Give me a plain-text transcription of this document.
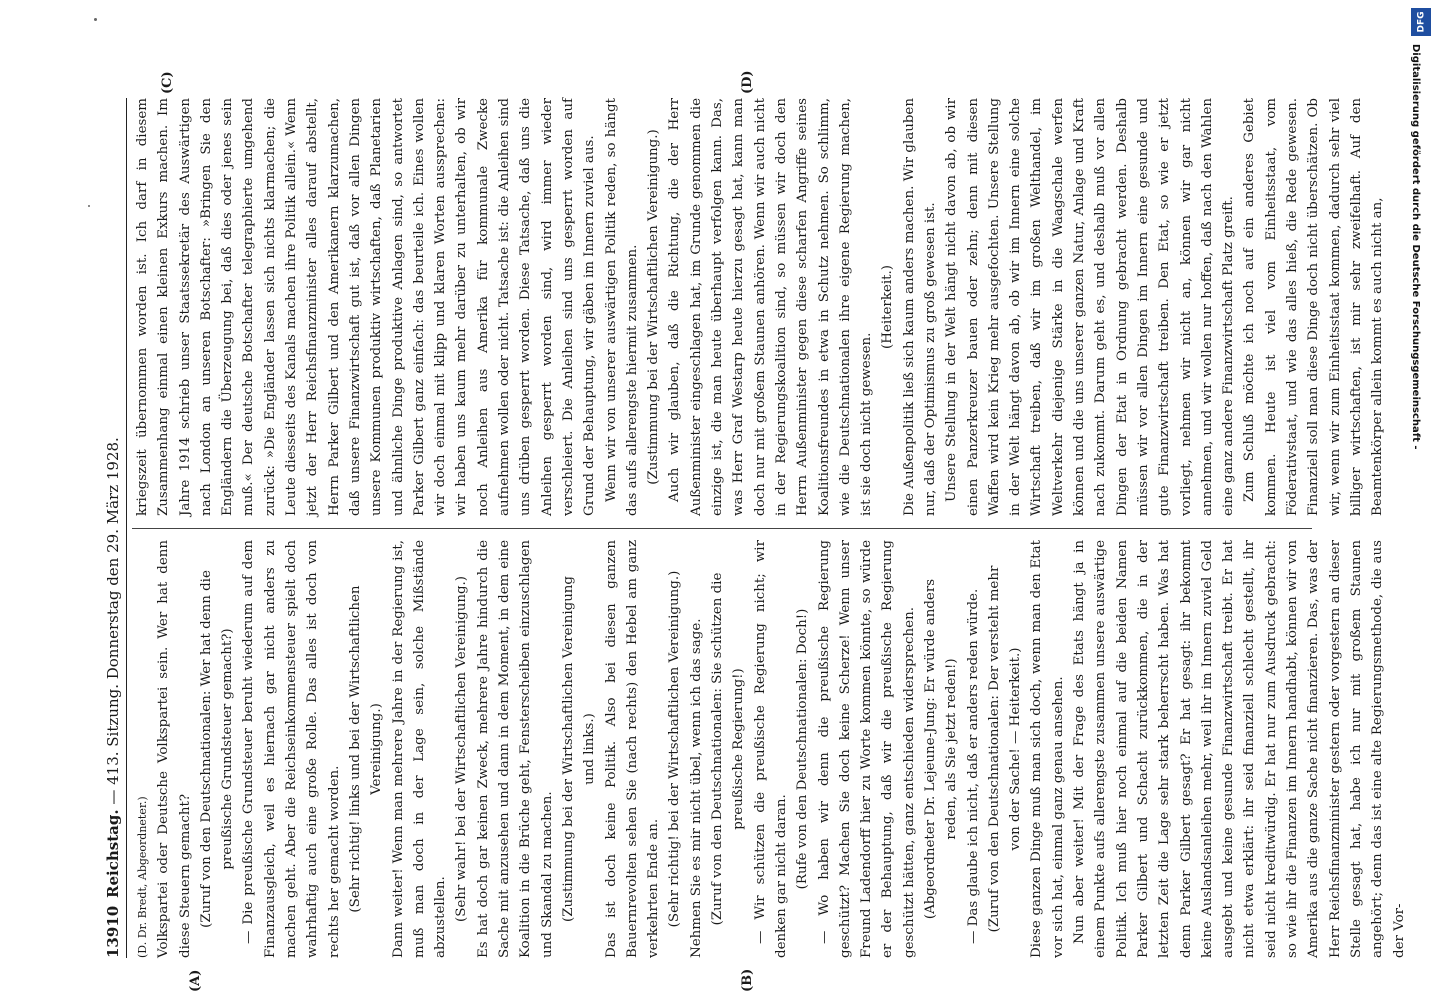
13910
Reichstag. — 413. Sitzung. Donnerstag den 29. März 1928.

(D. Dr. Bredt, Abgeordneter.) Volkspartei oder Deutsche Volkspartei sein. Wer hat denn diese Steuern gemacht? (Zuruf von den Deutschnationalen: Wer hat denn die preußische Grundsteuer gemacht?) — Die preußische Grundsteuer beruht wiederum auf dem Finanzausgleich, weil es hiernach gar nicht anders zu machen geht. Aber die Reichseinkommensteuer spielt doch wahrhaftig auch eine große Rolle. Das alles ist doch von rechts her gemacht worden. (Sehr richtig! links und bei der Wirtschaftlichen Vereinigung.) Dann weiter! Wenn man mehrere Jahre in der Regierung ist, muß man doch in der Lage sein, solche Mißstände abzustellen. (Sehr wahr! bei der Wirtschaftlichen Vereinigung.) Es hat doch gar keinen Zweck, mehrere Jahre hindurch die Sache mit anzusehen und dann in dem Moment, in dem eine Koalition in die Brüche geht, Fensterscheiben einzuschlagen und Skandal zu machen. (Zustimmung bei der Wirtschaftlichen Vereinigung und links.) Das ist doch keine Politik. Also bei diesen ganzen Bauernrevolten sehen Sie (nach rechts) den Hebel am ganz verkehrten Ende an. (Sehr richtig! bei der Wirtschaftlichen Vereinigung.) Nehmen Sie es mir nicht übel, wenn ich das sage. (Zuruf von den Deutschnationalen: Sie schützen die preußische Regierung!) — Wir schützen die preußische Regierung nicht; wir denken gar nicht daran. (Rufe von den Deutschnationalen: Doch!) — Wo haben wir denn die preußische Regierung geschützt? Machen Sie doch keine Scherze! Wenn unser Freund Ladendorff hier zu Worte kommen könnte, so würde er der Behauptung, daß wir die preußische Regierung geschützt hätten, ganz entschieden widersprechen. (Abgeordneter Dr. Lejeune-Jung: Er würde anders reden, als Sie jetzt reden!) — Das glaube ich nicht, daß er anders reden würde. (Zuruf von den Deutschnationalen: Der versteht mehr von der Sache! — Heiterkeit.) Diese ganzen Dinge muß man sich doch, wenn man den Etat vor sich hat, einmal ganz genau ansehen. Nun aber weiter! Mit der Frage des Etats hängt ja in einem Punkte aufs allerengste zusammen unsere auswärtige Politik. Ich muß hier noch einmal auf die beiden Namen Parker Gilbert und Schacht zurückkommen, die in der letzten Zeit die Lage sehr stark beherrscht haben. Was hat denn Parker Gilbert gesagt? Er hat gesagt: ihr bekommt keine Auslandsanleihen mehr, weil ihr im Innern zuviel Geld ausgebt und keine gesunde Finanzwirtschaft treibt. Er hat nicht etwa erklärt: ihr seid finanziell schlecht gestellt, ihr seid nicht kreditwürdig. Er hat nur zum Ausdruck gebracht: so wie ihr die Finanzen im Innern handhabt, können wir von Amerika aus die ganze Sache nicht finanzieren. Das, was der Herr Reichsfinanzminister gestern oder vorgestern an dieser Stelle gesagt hat, habe ich nur mit großem Staunen angehört; denn das ist eine alte Regierungsmethode, die aus der Vor-

kriegszeit übernommen worden ist. Ich darf in diesem Zusammenhang einmal einen kleinen Exkurs machen. Im Jahre 1914 schrieb unser Staatssekretär des Auswärtigen nach London an unseren Botschafter: »Bringen Sie den Engländern die Überzeugung bei, daß dies oder jenes sein muß.« Der deutsche Botschafter telegraphierte umgehend zurück: »Die Engländer lassen sich nichts klarmachen; die Leute diesseits des Kanals machen ihre Politik allein.« Wenn jetzt der Herr Reichsfinanzminister alles darauf abstellt, Herrn Parker Gilbert und den Amerikanern klarzumachen, daß unsere Finanzwirtschaft gut ist, daß vor allen Dingen unsere Kommunen produktiv wirtschaften, daß Planetarien und ähnliche Dinge produktive Anlagen sind, so antwortet Parker Gilbert ganz einfach: das beurteile ich. Eines wollen wir doch einmal mit klipp und klaren Worten aussprechen: wir haben uns kaum mehr darüber zu unterhalten, ob wir noch Anleihen aus Amerika für kommunale Zwecke aufnehmen wollen oder nicht. Tatsache ist: die Anleihen sind uns drüben gesperrt worden. Diese Tatsache, daß uns die Anleihen gesperrt worden sind, wird immer wieder verschleiert. Die Anleihen sind uns gesperrt worden auf Grund der Behauptung, wir gäben im Innern zuviel aus. Wenn wir von unserer auswärtigen Politik reden, so hängt das aufs allerengste hiermit zusammen. (Zustimmung bei der Wirtschaftlichen Vereinigung.) Auch wir glauben, daß die Richtung, die der Herr Außenminister eingeschlagen hat, im Grunde genommen die einzige ist, die man heute überhaupt verfolgen kann. Das, was Herr Graf Westarp heute hierzu gesagt hat, kann man doch nur mit großem Staunen anhören. Wenn wir auch nicht in der Regierungskoalition sind, so müssen wir doch den Herrn Außenminister gegen diese scharfen Angriffe seines Koalitionsfreundes in etwa in Schutz nehmen. So schlimm, wie die Deutschnationalen ihre eigene Regierung machen, ist sie doch nicht gewesen.

(Heiterkeit.) Die Außenpolitik ließ sich kaum anders machen. Wir glauben nur, daß der Optimismus zu groß gewesen ist. Unsere Stellung in der Welt hängt nicht davon ab, ob wir einen Panzerkreuzer bauen oder zehn; denn mit diesen Waffen wird kein Krieg mehr ausgefochten. Unsere Stellung in der Welt hängt davon ab, ob wir im Innern eine solche Wirtschaft treiben, daß wir im großen Welthandel, im Weltverkehr diejenige Stärke in die Waagschale werfen können und die uns unserer ganzen Natur, Anlage und Kraft nach zukommt. Darum geht es, und deshalb muß vor allen Dingen der Etat in Ordnung gebracht werden. Deshalb müssen wir vor allen Dingen im Innern eine gesunde und gute Finanzwirtschaft treiben. Den Etat, so wie er jetzt vorliegt, nehmen wir nicht an, können wir gar nicht annehmen, und wir wollen nur hoffen, daß nach den Wahlen eine ganz andere Finanzwirtschaft Platz greift. Zum Schluß möchte ich noch auf ein anderes Gebiet kommen. Heute ist viel vom Einheitsstaat, vom Föderativstaat, und wie das alles hieß, die Rede gewesen. Finanziell soll man diese Dinge doch nicht überschätzen. Ob wir, wenn wir zum Einheitsstaat kommen, dadurch sehr viel billiger wirtschaften, ist mir sehr zweifelhaft. Auf den Beamtenkörper allein kommt es auch nicht an,

(A)	(B)
(C)	(D)
DFG
Digitalisierung gefördert durch die Deutsche Forschungsgemeinschaft -
